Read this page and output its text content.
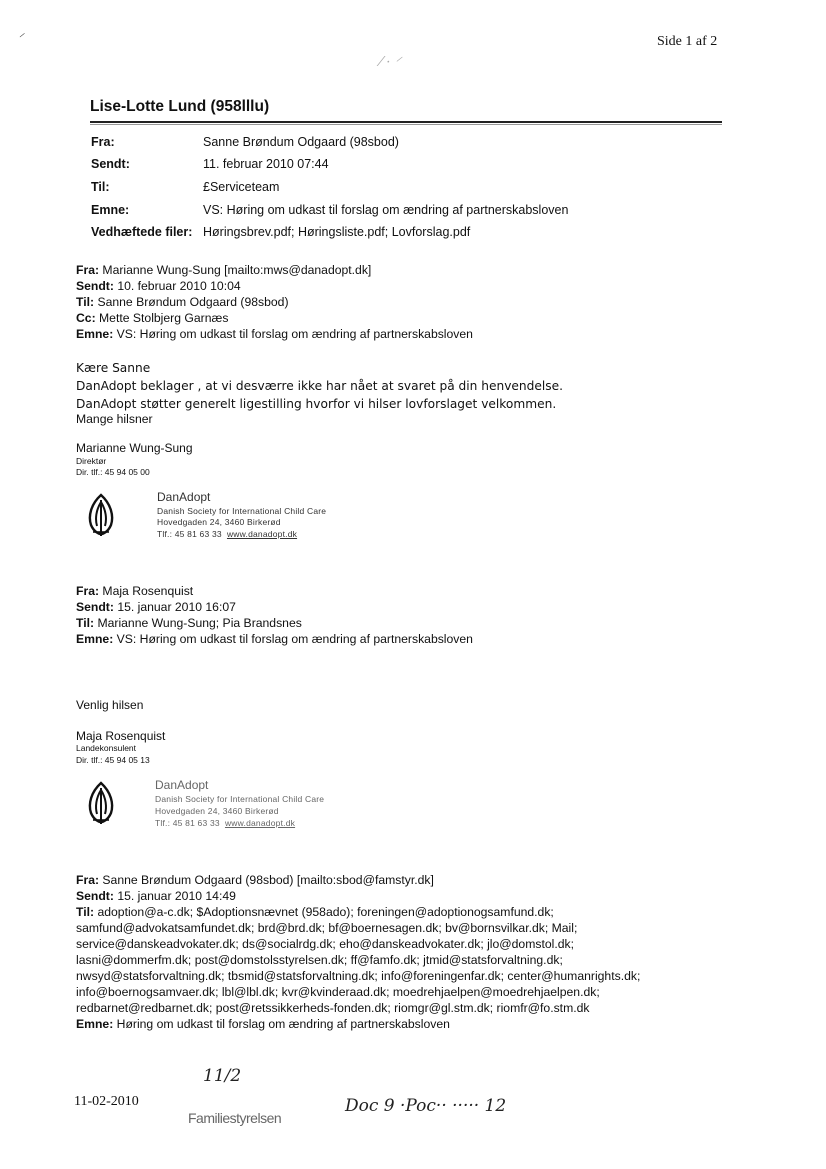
Side 1 af 2
⸍
⁄ · ⸍
Lise-Lotte Lund (958lllu)
Fra:	Sanne Brøndum Odgaard (98sbod)
Sendt:	11. februar 2010 07:44
Til:	£Serviceteam
Emne:	VS: Høring om udkast til forslag om ændring af partnerskabsloven
Vedhæftede filer: Høringsbrev.pdf; Høringsliste.pdf; Lovforslag.pdf
Fra: Marianne Wung-Sung [mailto:mws@danadopt.dk]
Sendt: 10. februar 2010 10:04
Til: Sanne Brøndum Odgaard (98sbod)
Cc: Mette Stolbjerg Garnæs
Emne: VS: Høring om udkast til forslag om ændring af partnerskabsloven
Kære Sanne
DanAdopt beklager , at vi desværre ikke har nået at svaret på din henvendelse.
DanAdopt støtter generelt ligestilling hvorfor vi hilser lovforslaget velkommen.
Mange hilsner
Marianne Wung-Sung
Direktør
Dir. tlf.: 45 94 05 00
DanAdopt
Danish Society for International Child Care
Hovedgaden 24, 3460 Birkerød
Tlf.: 45 81 63 33 www.danadopt.dk
Fra: Maja Rosenquist
Sendt: 15. januar 2010 16:07
Til: Marianne Wung-Sung; Pia Brandsnes
Emne: VS: Høring om udkast til forslag om ændring af partnerskabsloven
Venlig hilsen
Maja Rosenquist
Landekonsulent
Dir. tlf.: 45 94 05 13
DanAdopt
Danish Society for International Child Care
Hovedgaden 24, 3460 Birkerød
Tlf.: 45 81 63 33 www.danadopt.dk
Fra: Sanne Brøndum Odgaard (98sbod) [mailto:sbod@famstyr.dk]
Sendt: 15. januar 2010 14:49
Til: adoption@a-c.dk; $Adoptionsnævnet (958ado); foreningen@adoptionogsamfund.dk;
samfund@advokatsamfundet.dk; brd@brd.dk; bf@boernesagen.dk; bv@bornsvilkar.dk; Mail;
service@danskeadvokater.dk; ds@socialrdg.dk; eho@danskeadvokater.dk; jlo@domstol.dk;
lasni@dommerfm.dk; post@domstolsstyrelsen.dk; ff@famfo.dk; jtmid@statsforvaltning.dk;
nwsyd@statsforvaltning.dk; tbsmid@statsforvaltning.dk; info@foreningenfar.dk; center@humanrights.dk;
info@boernogsamvaer.dk; lbl@lbl.dk; kvr@kvinderaad.dk; moedrehjaelpen@moedrehjaelpen.dk;
redbarnet@redbarnet.dk; post@retssikkerheds-fonden.dk; riomgr@gl.stm.dk; riomfr@fo.stm.dk
Emne: Høring om udkast til forslag om ændring af partnerskabsloven
11-02-2010
11/2
Familiestyrelsen
Doc 9 ·Poc·· ····· 12
